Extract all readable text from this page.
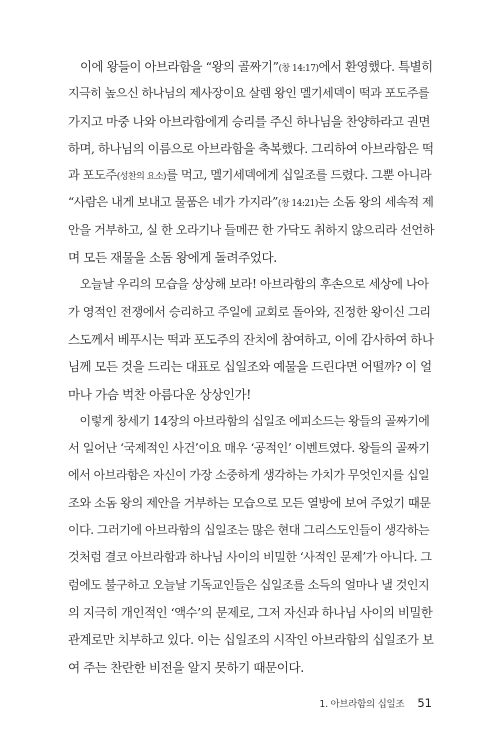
　이에 왕들이 아브라함을 “왕의 골짜기”(창 14:17)에서 환영했다. 특별히
지극히 높으신 하나님의 제사장이요 살렘 왕인 멜기세덱이 떡과 포도주를
가지고 마중 나와 아브라함에게 승리를 주신 하나님을 찬양하라고 권면
하며, 하나님의 이름으로 아브라함을 축복했다. 그리하여 아브라함은 떡
과 포도주(성찬의 요소)를 먹고, 멜기세덱에게 십일조를 드렸다. 그뿐 아니라
“사람은 내게 보내고 물품은 네가 가지라”(창 14:21)는 소돔 왕의 세속적 제
안을 거부하고, 실 한 오라기나 들메끈 한 가닥도 취하지 않으리라 선언하
며 모든 재물을 소돔 왕에게 돌려주었다.
　오늘날 우리의 모습을 상상해 보라! 아브라함의 후손으로 세상에 나아
가 영적인 전쟁에서 승리하고 주일에 교회로 돌아와, 진정한 왕이신 그리
스도께서 베푸시는 떡과 포도주의 잔치에 참여하고, 이에 감사하여 하나
님께 모든 것을 드리는 대표로 십일조와 예물을 드린다면 어떨까? 이 얼
마나 가슴 벅찬 아름다운 상상인가!
　이렇게 창세기 14장의 아브라함의 십일조 에피소드는 왕들의 골짜기에
서 일어난 ‘국제적인 사건’이요 매우 ‘공적인’ 이벤트였다. 왕들의 골짜기
에서 아브라함은 자신이 가장 소중하게 생각하는 가치가 무엇인지를 십일
조와 소돔 왕의 제안을 거부하는 모습으로 모든 열방에 보여 주었기 때문
이다. 그러기에 아브라함의 십일조는 많은 현대 그리스도인들이 생각하는
것처럼 결코 아브라함과 하나님 사이의 비밀한 ‘사적인 문제’가 아니다. 그
럼에도 불구하고 오늘날 기독교인들은 십일조를 소득의 얼마나 낼 것인지
의 지극히 개인적인 ‘액수’의 문제로, 그저 자신과 하나님 사이의 비밀한
관계로만 치부하고 있다. 이는 십일조의 시작인 아브라함의 십일조가 보
여 주는 찬란한 비전을 알지 못하기 때문이다.
1. 아브라함의 십일조 51
